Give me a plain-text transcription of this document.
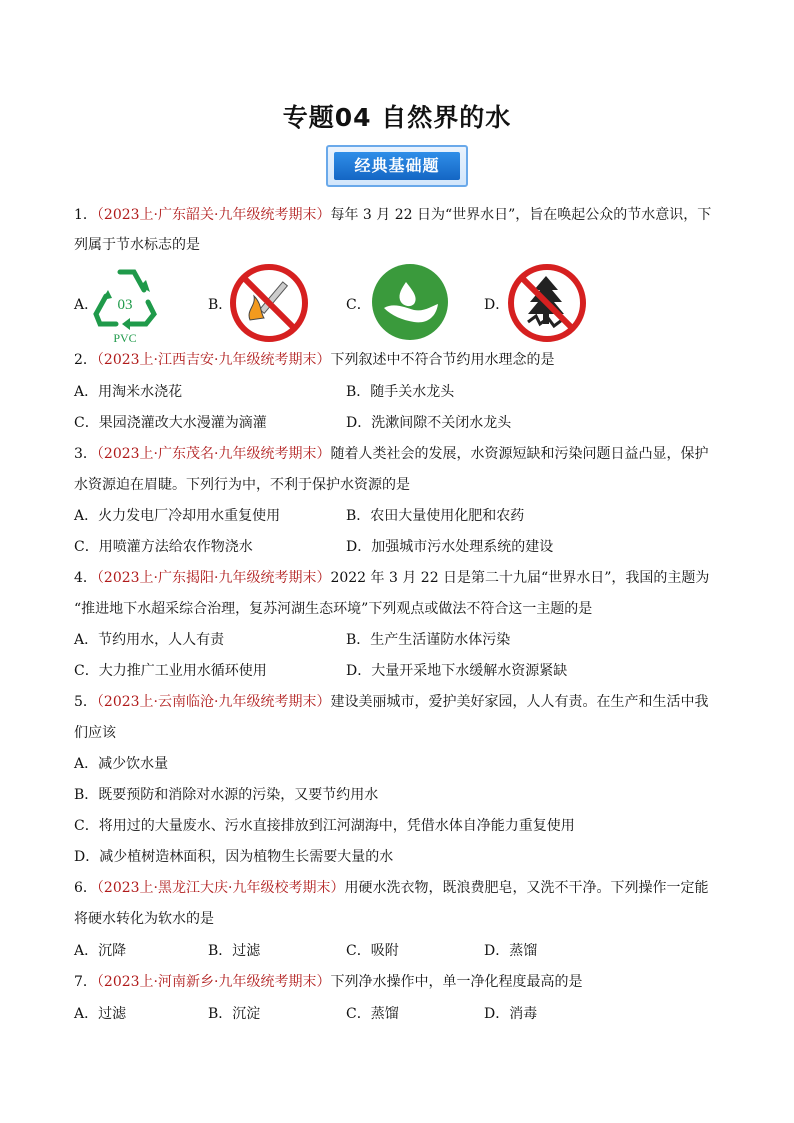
专题04 自然界的水
经典基础题
1．（2023上·广东韶关·九年级统考期末）每年 3 月 22 日为“世界水日”，旨在唤起公众的节水意识，下
列属于节水标志的是
A． 03
PVC
B．	C．	D．
2．（2023上·江西吉安·九年级统考期末）下列叙述中不符合节约用水理念的是
A．用淘米水浇花	B．随手关水龙头
C．果园浇灌改大水漫灌为滴灌	D．洗漱间隙不关闭水龙头
3．（2023上·广东茂名·九年级统考期末）随着人类社会的发展，水资源短缺和污染问题日益凸显，保护
水资源迫在眉睫。下列行为中，不利于保护水资源的是
A．火力发电厂冷却用水重复使用	B．农田大量使用化肥和农药
C．用喷灌方法给农作物浇水	D．加强城市污水处理系统的建设
4．（2023上·广东揭阳·九年级统考期末）2022 年 3 月 22 日是第二十九届“世界水日”，我国的主题为
“推进地下水超采综合治理，复苏河湖生态环境”下列观点或做法不符合这一主题的是
A．节约用水，人人有责	B．生产生活谨防水体污染
C．大力推广工业用水循环使用	D．大量开采地下水缓解水资源紧缺
5．（2023上·云南临沧·九年级统考期末）建设美丽城市，爱护美好家园，人人有责。在生产和生活中我
们应该
A．减少饮水量
B．既要预防和消除对水源的污染，又要节约用水
C．将用过的大量废水、污水直接排放到江河湖海中，凭借水体自净能力重复使用
D．减少植树造林面积，因为植物生长需要大量的水
6．（2023上·黑龙江大庆·九年级校考期末）用硬水洗衣物，既浪费肥皂，又洗不干净。下列操作一定能
将硬水转化为软水的是
A．沉降	B．过滤	C．吸附	D．蒸馏
7．（2023上·河南新乡·九年级统考期末）下列净水操作中，单一净化程度最高的是
A．过滤	B．沉淀	C．蒸馏	D．消毒
